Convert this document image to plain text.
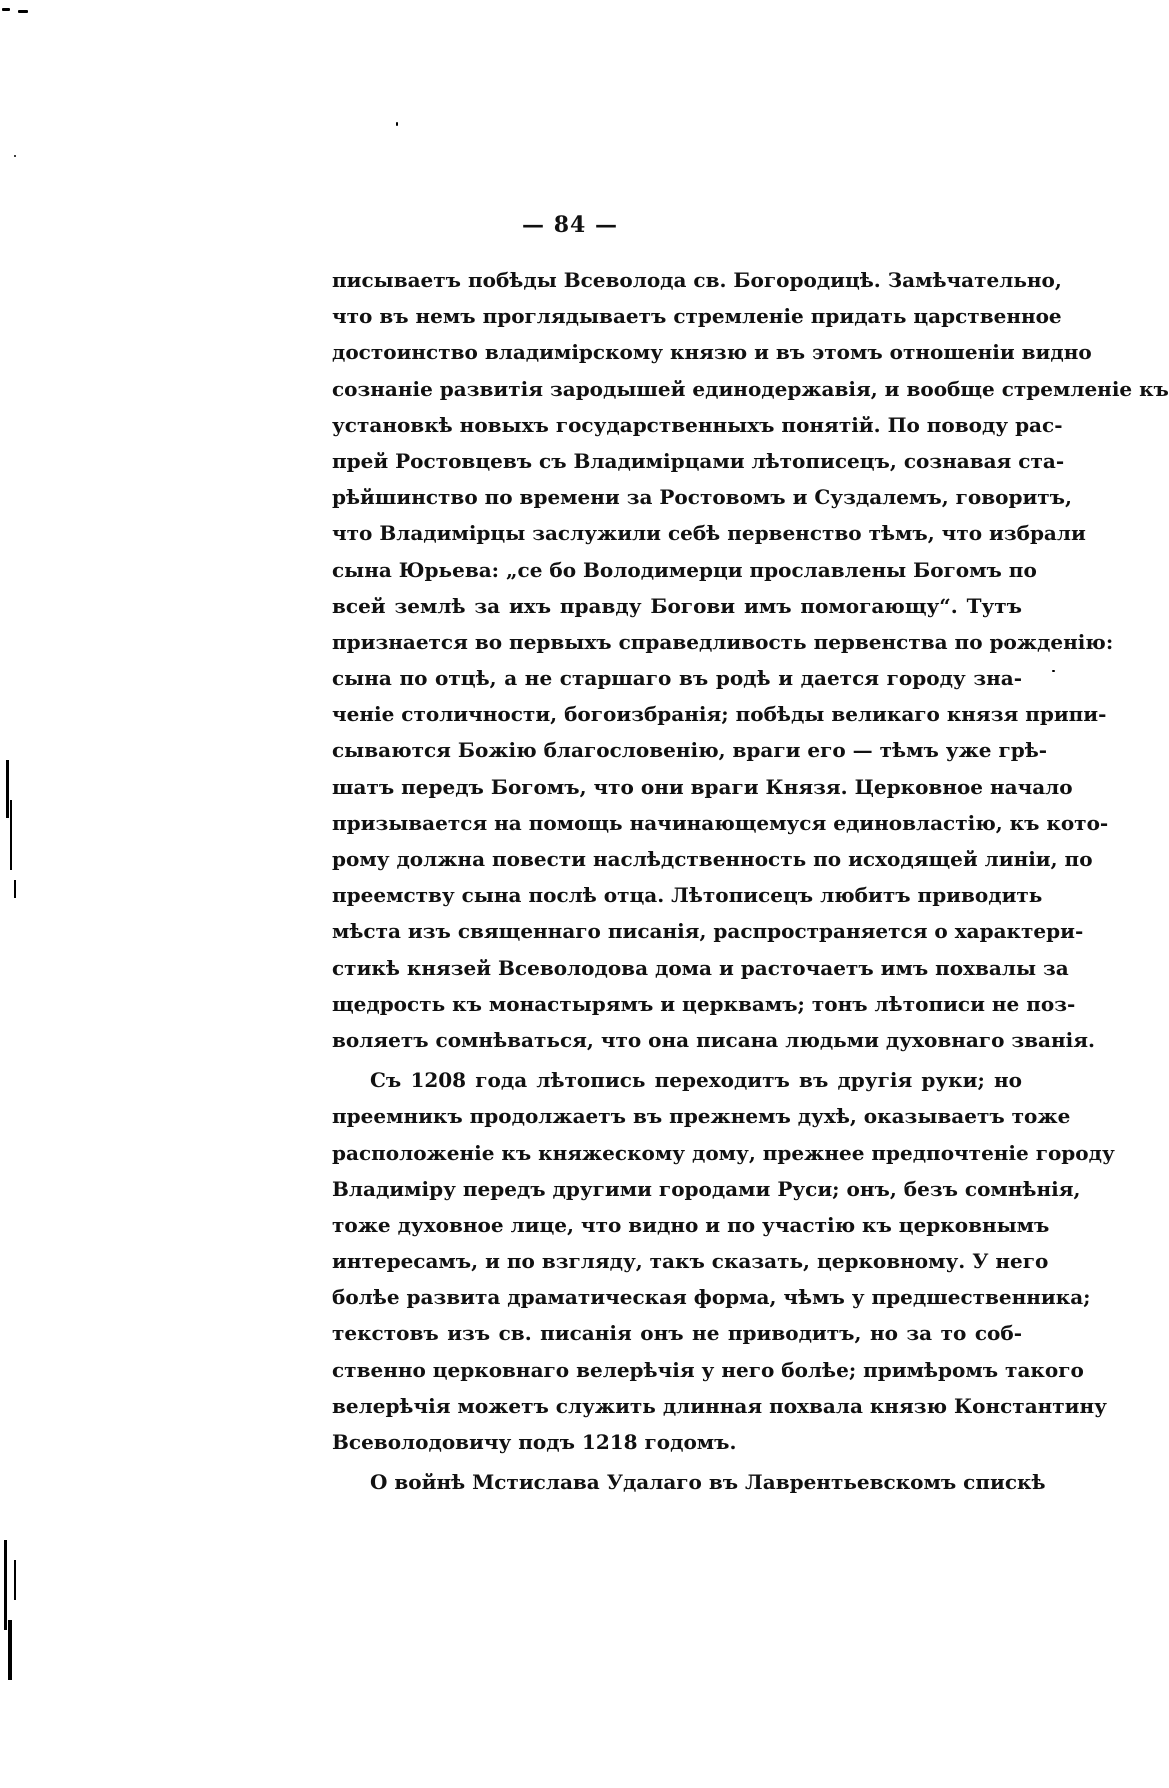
— 84 —
писываетъ побѣды Всеволода св. Богородицѣ. Замѣчательно,
что въ немъ проглядываетъ стремленіе придать царственное
достоинство владимірскому князю и въ этомъ отношеніи видно
сознаніе развитія зародышей единодержавія, и вообще стремленіе къ
установкѣ новыхъ государственныхъ понятій. По поводу рас-
прей Ростовцевъ съ Владимірцами лѣтописецъ, сознавая ста-
рѣйшинство по времени за Ростовомъ и Суздалемъ, говоритъ,
что Владимірцы заслужили себѣ первенство тѣмъ, что избрали
сына Юрьева: „се бо Володимерци прославлены Богомъ по
всей землѣ за ихъ правду Богови имъ помогающу“. Тутъ
признается во первыхъ справедливость первенства по рожденію:
сына по отцѣ, а не старшаго въ родѣ и дается городу зна-
ченіе столичности, богоизбранія; побѣды великаго князя припи-
сываются Божію благословенію, враги его — тѣмъ уже грѣ-
шатъ передъ Богомъ, что они враги Князя. Церковное начало
призывается на помощь начинающемуся единовластію, къ кото-
рому должна повести наслѣдственность по исходящей линіи, по
преемству сына послѣ отца. Лѣтописецъ любитъ приводить
мѣста изъ священнаго писанія, распространяется о характери-
стикѣ князей Всеволодова дома и расточаетъ имъ похвалы за
щедрость къ монастырямъ и церквамъ; тонъ лѣтописи не поз-
воляетъ сомнѣваться, что она писана людьми духовнаго званія.
Съ 1208 года лѣтопись переходитъ въ другія руки; но
преемникъ продолжаетъ въ прежнемъ духѣ, оказываетъ тоже
расположеніе къ княжескому дому, прежнее предпочтеніе городу
Владиміру передъ другими городами Руси; онъ, безъ сомнѣнія,
тоже духовное лице, что видно и по участію къ церковнымъ
интересамъ, и по взгляду, такъ сказать, церковному. У него
болѣе развита драматическая форма, чѣмъ у предшественника;
текстовъ изъ св. писанія онъ не приводитъ, но за то соб-
ственно церковнаго велерѣчія у него болѣе; примѣромъ такого
велерѣчія можетъ служить длинная похвала князю Константину
Всеволодовичу подъ 1218 годомъ.
О войнѣ Мстислава Удалаго въ Лаврентьевскомъ спискѣ
